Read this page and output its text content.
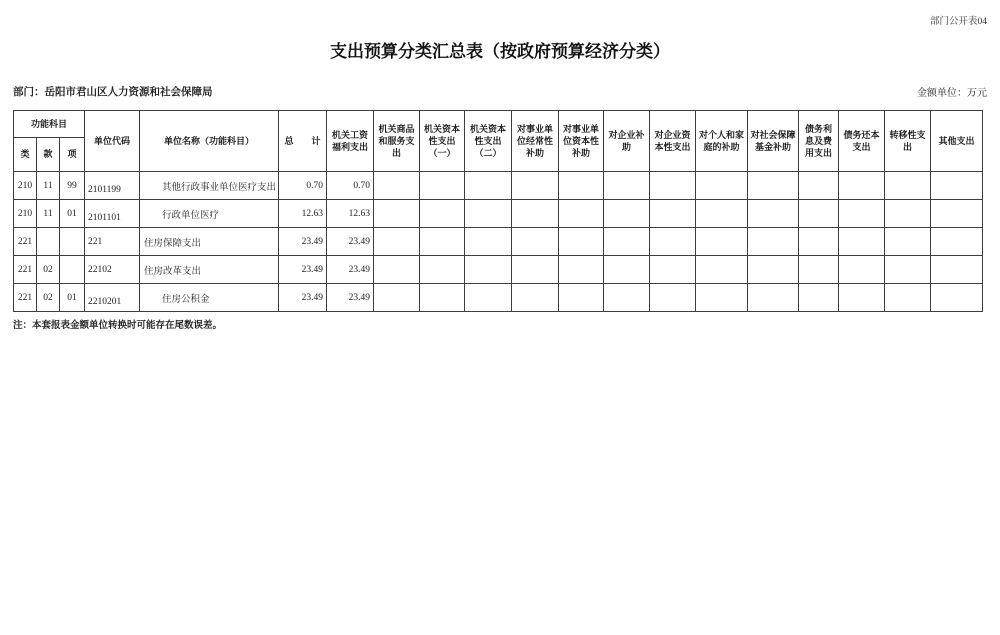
部门公开表04
支出预算分类汇总表（按政府预算经济分类）
部门：岳阳市君山区人力资源和社会保障局	金额单位：万元
功能科目			单位代码	单位名称（功能科目）	总　　计	机关工资福利支出	机关商品和服务支出	机关资本性支出（一）	机关资本性支出（二）	对事业单位经常性补助	对事业单位资本性补助	对企业补助	对企业资本性支出	对个人和家庭的补助	对社会保障基金补助	债务利息及费用支出	债务还本支出	转移性支出	其他支出
类	款	项																	
210	11	99	2101199	其他行政事业单位医疗支出	0.70	0.70													
210	11	01	2101101	行政单位医疗	12.63	12.63													
221			221	住房保障支出	23.49	23.49													
221	02		22102	住房改革支出	23.49	23.49													
221	02	01	2210201	住房公积金	23.49	23.49													
注：本套报表金额单位转换时可能存在尾数误差。
